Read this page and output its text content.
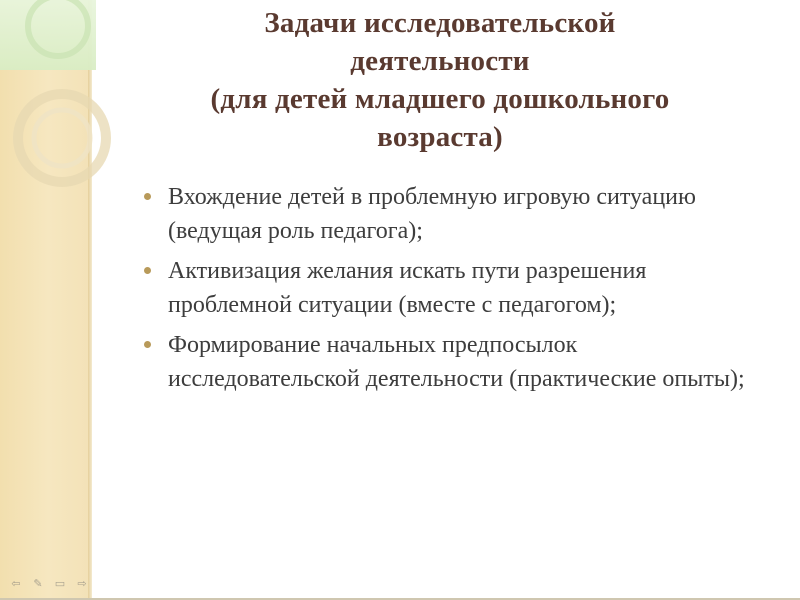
Задачи исследовательской
деятельности
(для детей младшего дошкольного
возраста)
Вхождение детей в проблемную игровую ситуацию (ведущая роль педагога);
Активизация желания искать пути разрешения проблемной ситуации (вместе с педагогом);
Формирование начальных предпосылок исследовательской деятельности (практические опыты);
⇦	✎	▭	⇨
